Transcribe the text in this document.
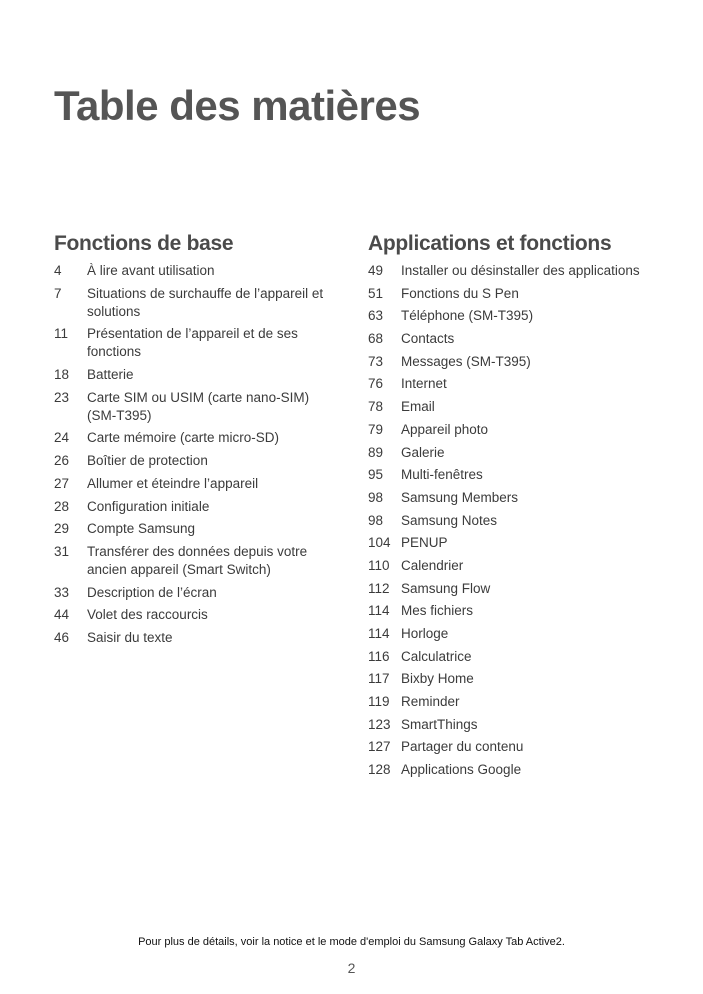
Table des matières
Fonctions de base
4	À lire avant utilisation
7	Situations de surchauffe de l’appareil et solutions
11	Présentation de l’appareil et de ses fonctions
18	Batterie
23	Carte SIM ou USIM (carte nano-SIM) (SM-T395)
24	Carte mémoire (carte micro-SD)
26	Boîtier de protection
27	Allumer et éteindre l’appareil
28	Configuration initiale
29	Compte Samsung
31	Transférer des données depuis votre ancien appareil (Smart Switch)
33	Description de l’écran
44	Volet des raccourcis
46	Saisir du texte
Applications et fonctions
49	Installer ou désinstaller des applications
51	Fonctions du S Pen
63	Téléphone (SM-T395)
68	Contacts
73	Messages (SM-T395)
76	Internet
78	Email
79	Appareil photo
89	Galerie
95	Multi-fenêtres
98	Samsung Members
98	Samsung Notes
104 PENUP
110 Calendrier
112 Samsung Flow
114 Mes fichiers
114 Horloge
116 Calculatrice
117 Bixby Home
119 Reminder
123 SmartThings
127 Partager du contenu
128 Applications Google
Pour plus de détails, voir la notice et le mode d'emploi du Samsung Galaxy Tab Active2.
2
